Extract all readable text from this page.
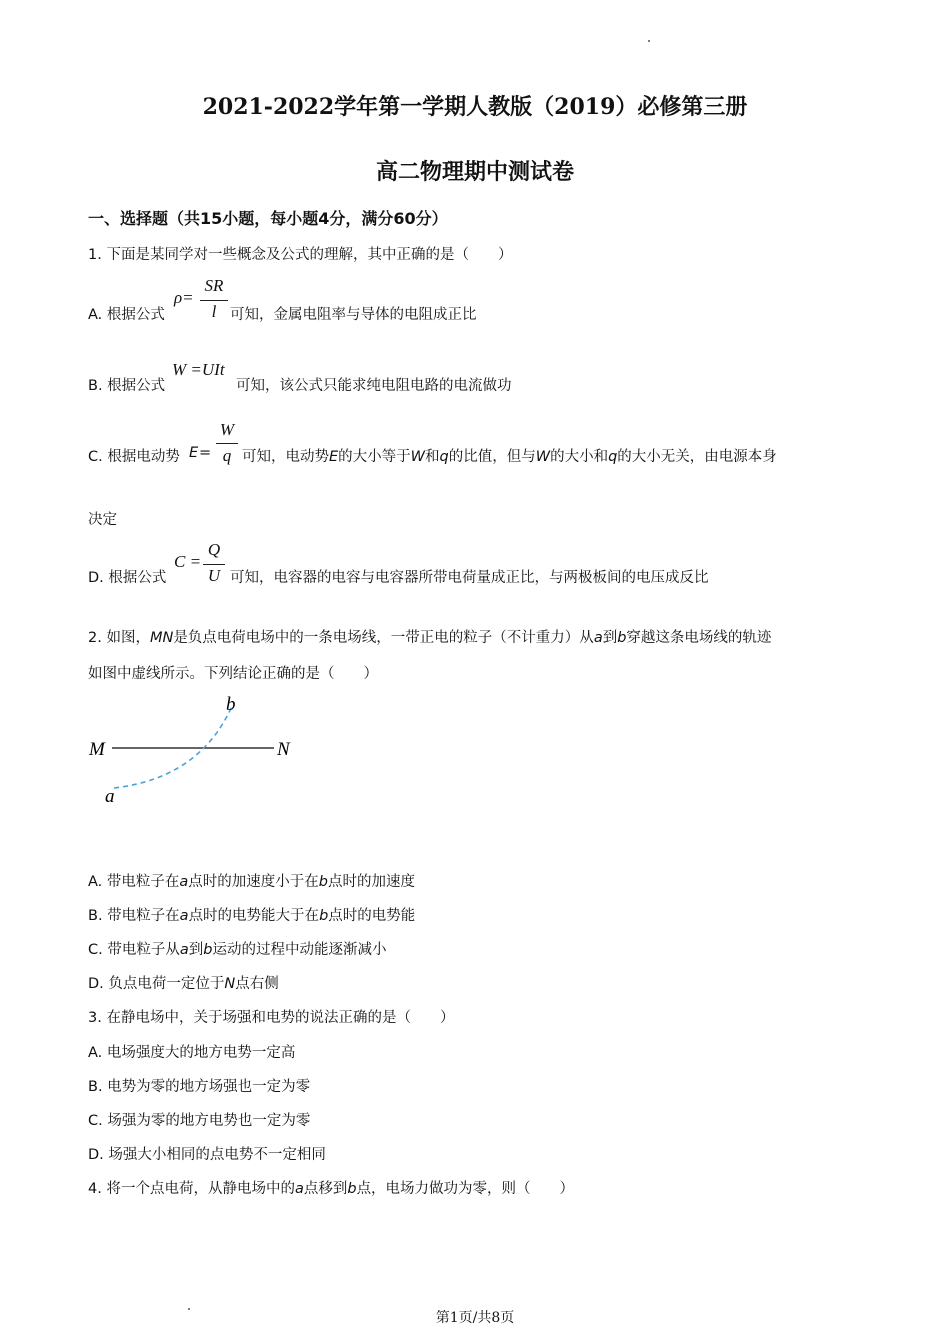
2021-2022学年第一学期人教版（2019）必修第三册
高二物理期中测试卷
一、选择题（共15小题，每小题4分，满分60分）
1. 下面是某同学对一些概念及公式的理解，其中正确的是（　　）
A. 根据公式
ρ=
SR
l 可知，金属电阻率与导体的电阻成正比
B. 根据公式
W =UIt
可知，该公式只能求纯电阻电路的电流做功
C. 根据电动势 E =
W
q 可知，电动势E的大小等于W和q的比值，但与W的大小和q的大小无关，由电源本身
决定
D. 根据公式
C =
Q
U 可知，电容器的电容与电容器所带电荷量成正比，与两极板间的电压成反比
2. 如图，MN是负点电荷电场中的一条电场线，一带正电的粒子（不计重力）从a到b穿越这条电场线的轨迹
如图中虚线所示。下列结论正确的是（　　）
M	N
a
b
A. 带电粒子在a点时的加速度小于在b点时的加速度
B. 带电粒子在a点时的电势能大于在b点时的电势能
C. 带电粒子从a到b运动的过程中动能逐渐减小
D. 负点电荷一定位于N点右侧
3. 在静电场中，关于场强和电势的说法正确的是（　　）
A. 电场强度大的地方电势一定高
B. 电势为零的地方场强也一定为零
C. 场强为零的地方电势也一定为零
D. 场强大小相同的点电势不一定相同
4. 将一个点电荷，从静电场中的a点移到b点，电场力做功为零，则（　　）
第1页/共8页
